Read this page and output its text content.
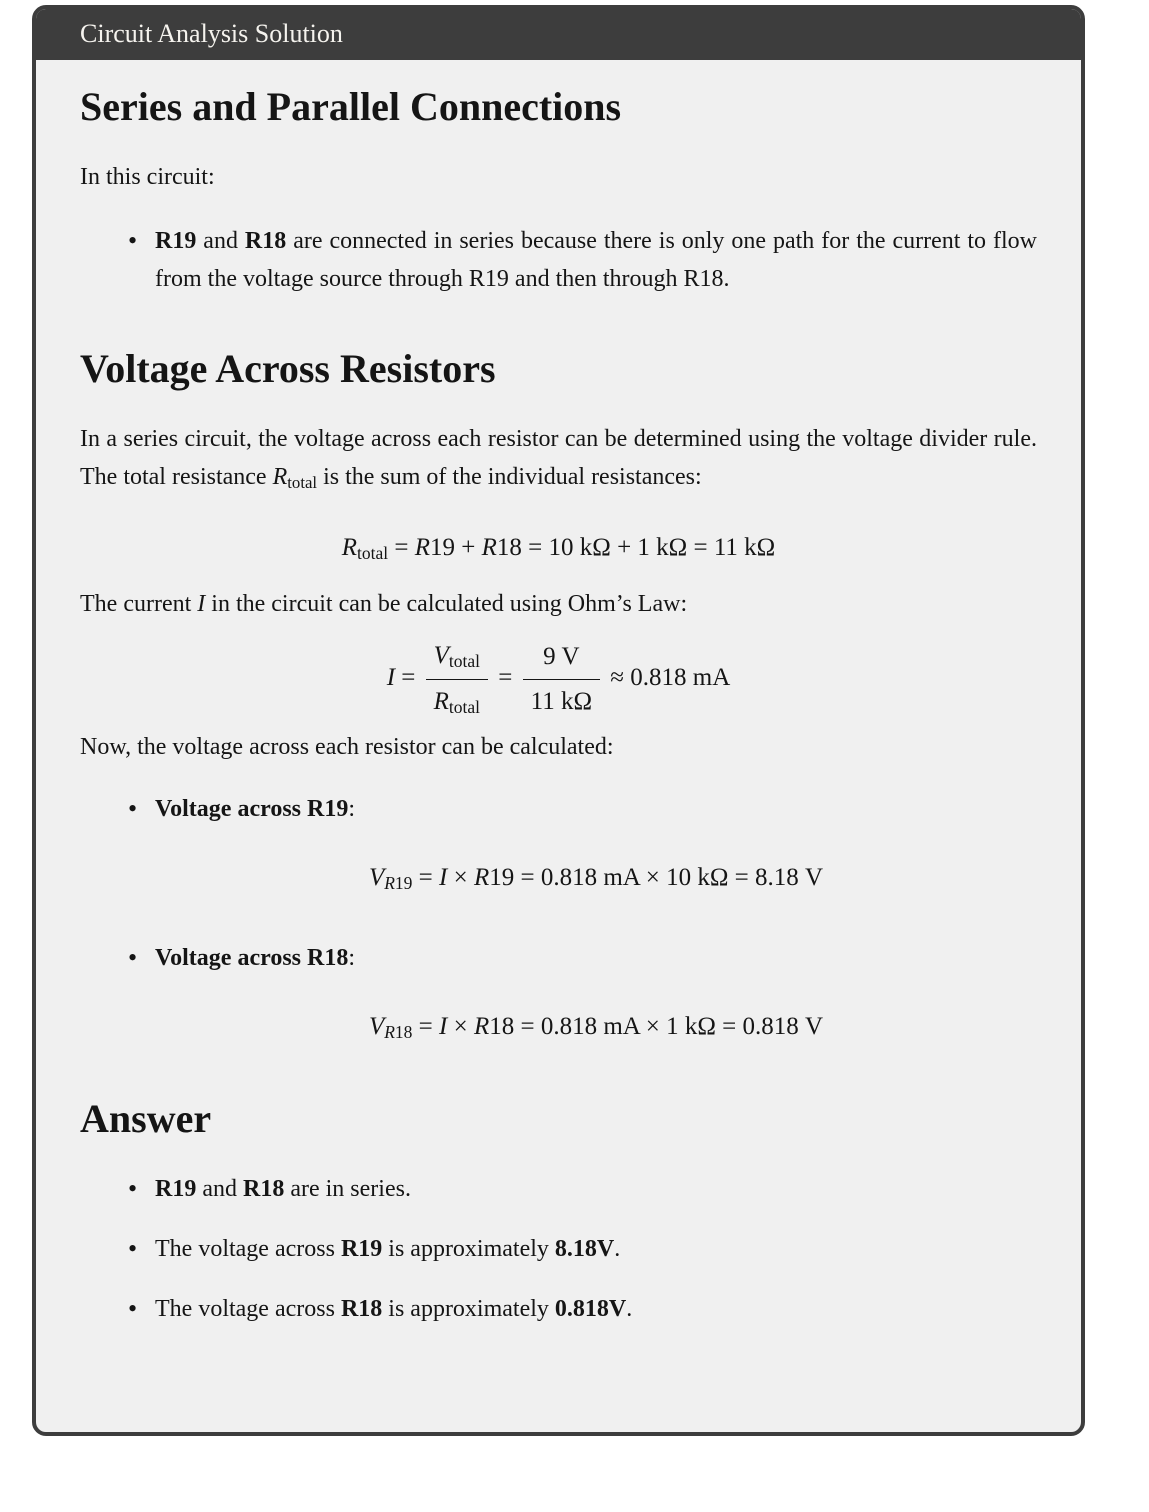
Circuit Analysis Solution
Series and Parallel Connections

In this circuit:

• R19 and R18 are connected in series because there is only one path for the current to flow from the voltage source through R19 and then through R18.
Voltage Across Resistors

In a series circuit, the voltage across each resistor can be determined using the voltage divider rule. The total resistance Rtotal is the sum of the individual resistances:

Rtotal = R19 + R18 = 10 kΩ + 1 kΩ = 11 kΩ

The current I in the circuit can be calculated using Ohm’s Law:

$I = \frac{\text{Vtotal}}{\text{Rtotal}} = \frac{9 V}{11 k\Omega} \approx 0.818$ mA

Now, the voltage across each resistor can be calculated:

• Voltage across R19:
VR19 = I × R19 = 0.818 mA × 10 kΩ = 8.18 V
• Voltage across R18:
VR18 = I × R18 = 0.818 mA × 1 kΩ = 0.818 V
Answer
• R19 and R18 are in series.
• The voltage across R19 is approximately 8.18V.
• The voltage across R18 is approximately 0.818V.
